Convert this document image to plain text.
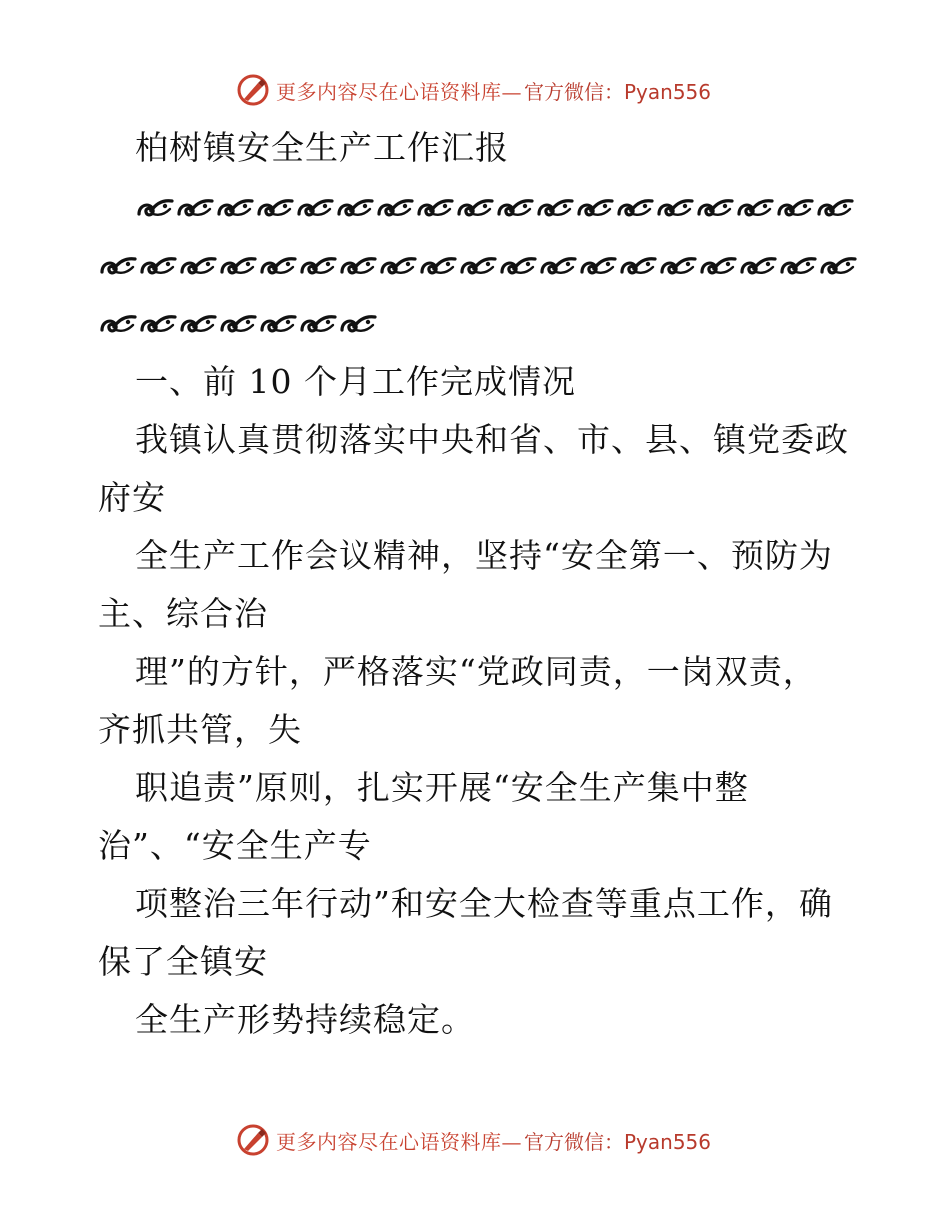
更多内容尽在心语资料库— 官方微信：Pyan556
柏树镇安全生产工作汇报
一、前 10 个月工作完成情况
我镇认真贯彻落实中央和省、市、县、镇党委政
府安
全生产工作会议精神，坚持“安全第一、预防为
主、综合治
理”的方针，严格落实“党政同责，一岗双责，
齐抓共管，失
职追责”原则，扎实开展“安全生产集中整
治”、“安全生产专
项整治三年行动”和安全大检查等重点工作，确
保了全镇安
全生产形势持续稳定。
更多内容尽在心语资料库— 官方微信：Pyan556
